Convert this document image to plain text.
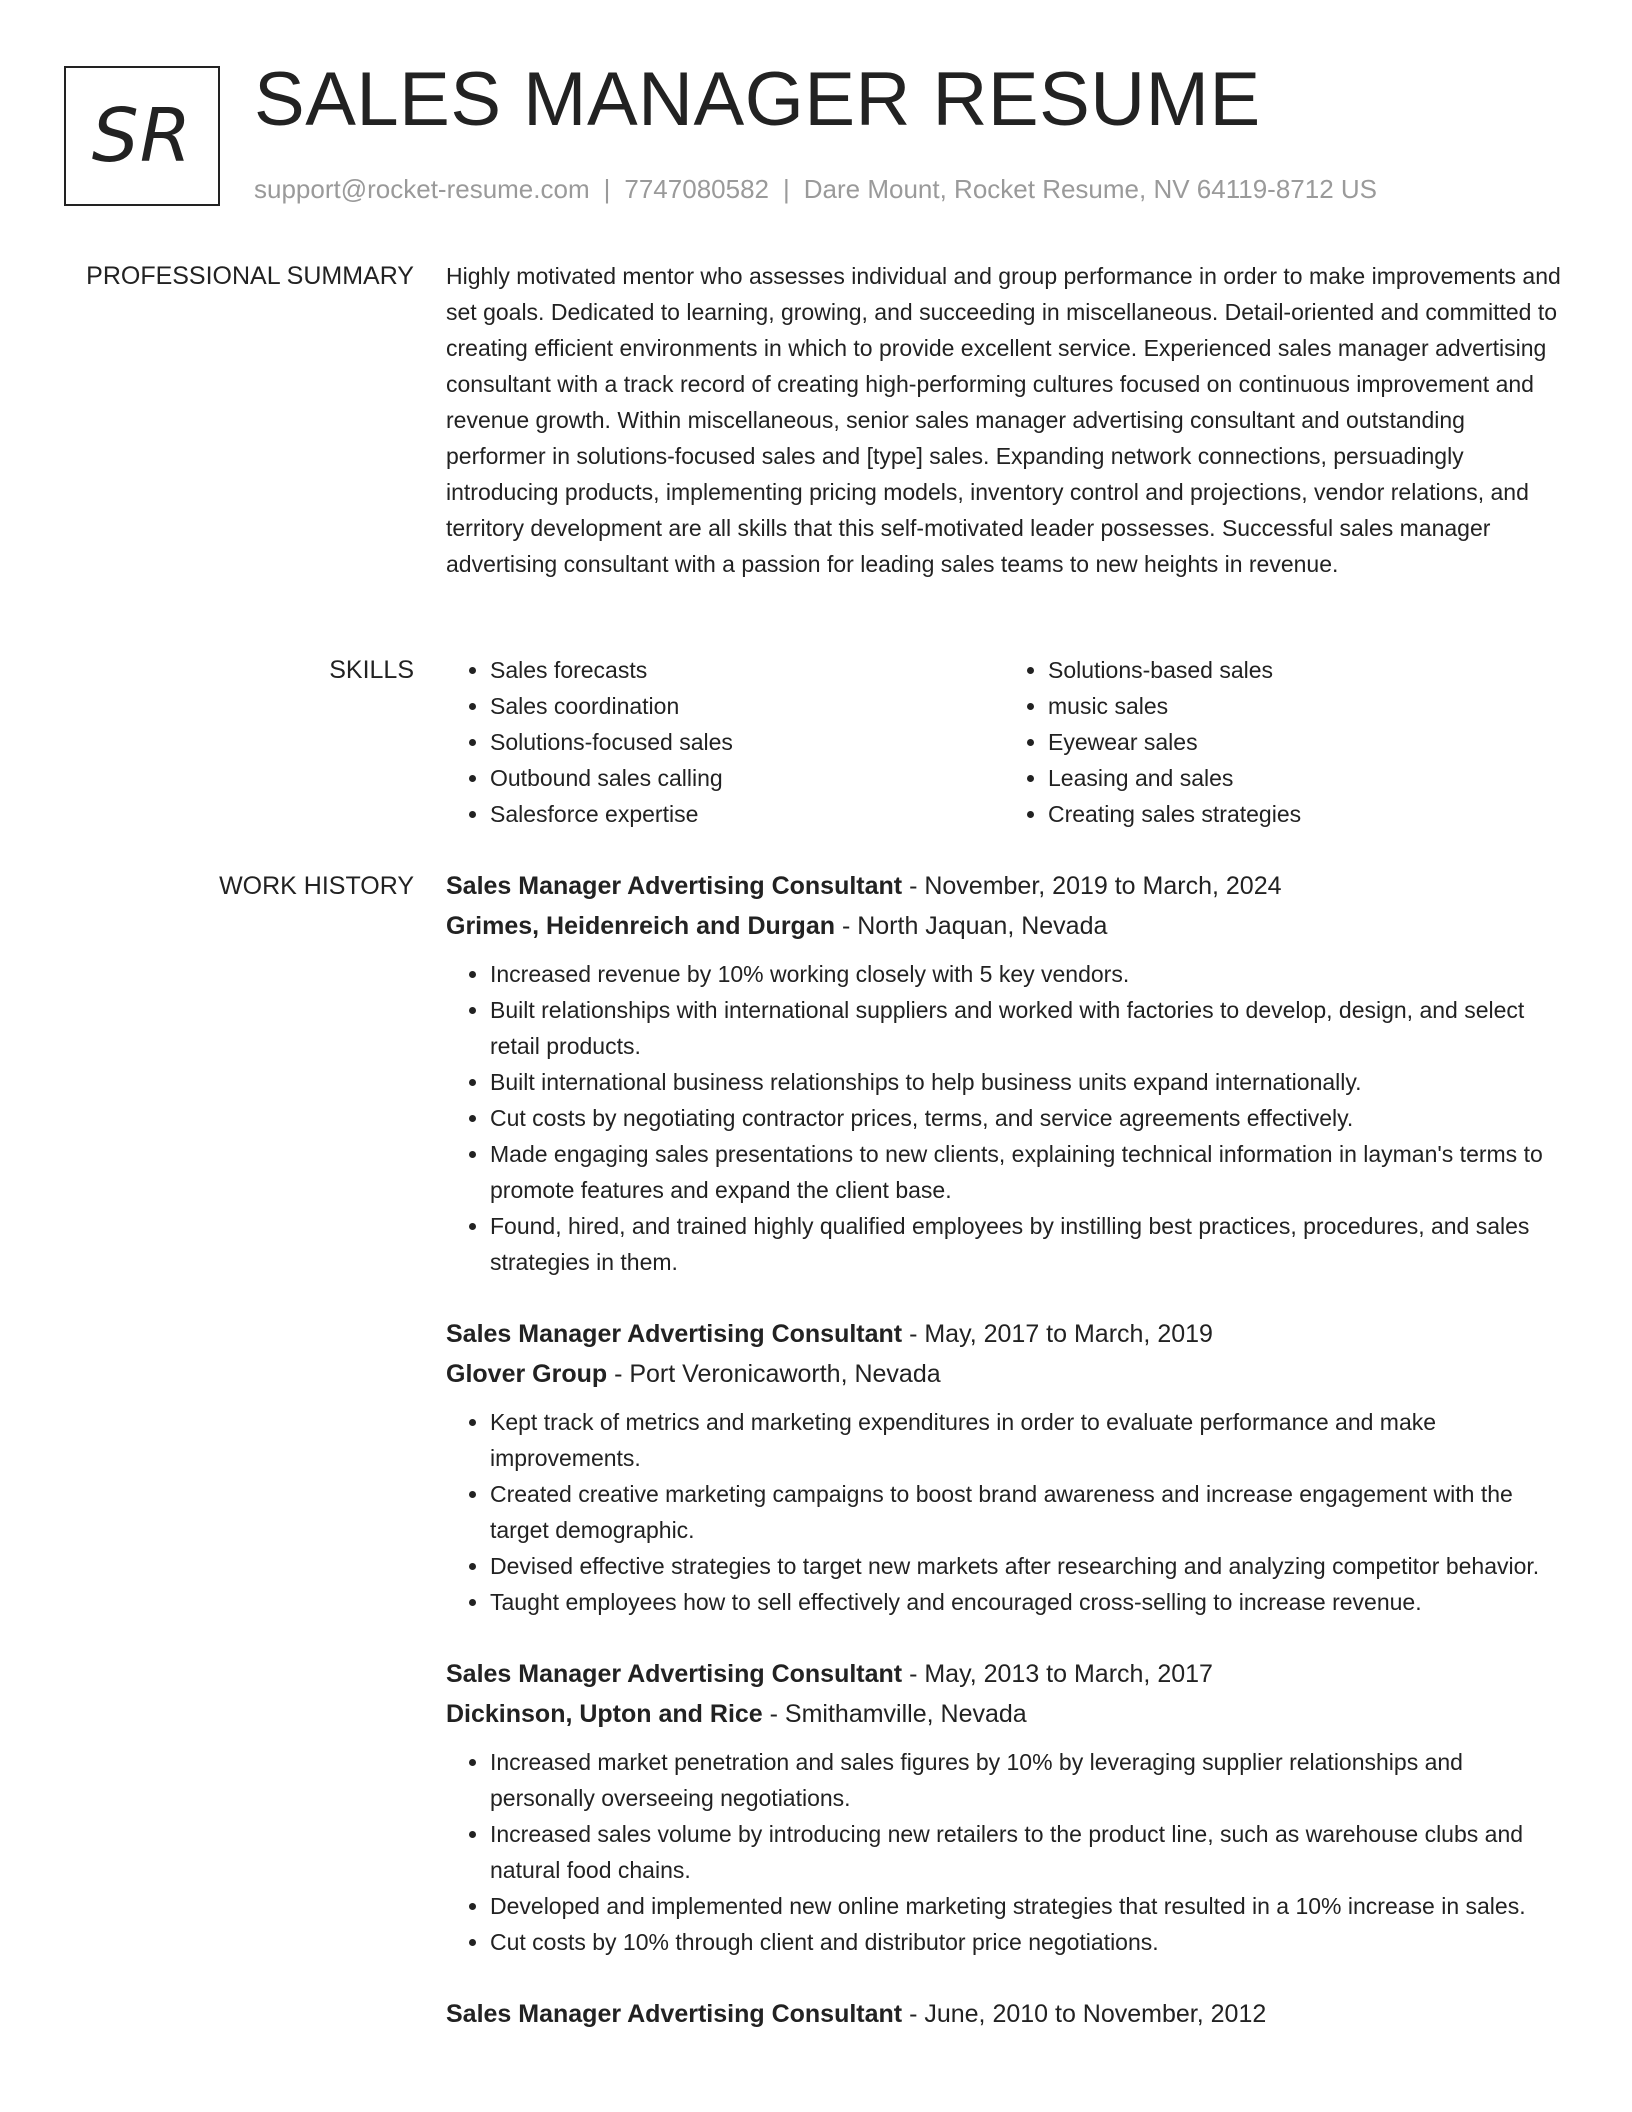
SR SALES MANAGER RESUME
support@rocket-resume.com | 7747080582 | Dare Mount, Rocket Resume, NV 64119-8712 US
PROFESSIONAL SUMMARY Highly motivated mentor who assesses individual and group performance in order to make improvements and set goals. Dedicated to learning, growing, and succeeding in miscellaneous. Detail-oriented and committed to creating efficient environments in which to provide excellent service. Experienced sales manager advertising consultant with a track record of creating high-performing cultures focused on continuous improvement and revenue growth. Within miscellaneous, senior sales manager advertising consultant and outstanding performer in solutions-focused sales and [type] sales. Expanding network connections, persuadingly introducing products, implementing pricing models, inventory control and projections, vendor relations, and territory development are all skills that this self-motivated leader possesses. Successful sales manager advertising consultant with a passion for leading sales teams to new heights in revenue.

SKILLS
•	Sales forecasts
• Sales coordination
• Solutions-focused sales
• Outbound sales calling
• Salesforce expertise
• Solutions-based sales
• music sales
• Eyewear sales
• Leasing and sales
• Creating sales strategies
WORK HISTORY Sales Manager Advertising Consultant - November, 2019 to March, 2024
Grimes, Heidenreich and Durgan - North Jaquan, Nevada
• Increased revenue by 10% working closely with 5 key vendors.
• Built relationships with international suppliers and worked with factories to develop, design, and select retail products.
• Built international business relationships to help business units expand internationally.
• Cut costs by negotiating contractor prices, terms, and service agreements effectively.
• Made engaging sales presentations to new clients, explaining technical information in layman's terms to promote features and expand the client base.
• Found, hired, and trained highly qualified employees by instilling best practices, procedures, and sales strategies in them.
Sales Manager Advertising Consultant - May, 2017 to March, 2019
Glover Group - Port Veronicaworth, Nevada
• Kept track of metrics and marketing expenditures in order to evaluate performance and make improvements.
• Created creative marketing campaigns to boost brand awareness and increase engagement with the target demographic.
• Devised effective strategies to target new markets after researching and analyzing competitor behavior.
• Taught employees how to sell effectively and encouraged cross-selling to increase revenue.
Sales Manager Advertising Consultant - May, 2013 to March, 2017
Dickinson, Upton and Rice - Smithamville, Nevada
• Increased market penetration and sales figures by 10% by leveraging supplier relationships and personally overseeing negotiations.
• Increased sales volume by introducing new retailers to the product line, such as warehouse clubs and natural food chains.
• Developed and implemented new online marketing strategies that resulted in a 10% increase in sales.
• Cut costs by 10% through client and distributor price negotiations.
Sales Manager Advertising Consultant - June, 2010 to November, 2012
